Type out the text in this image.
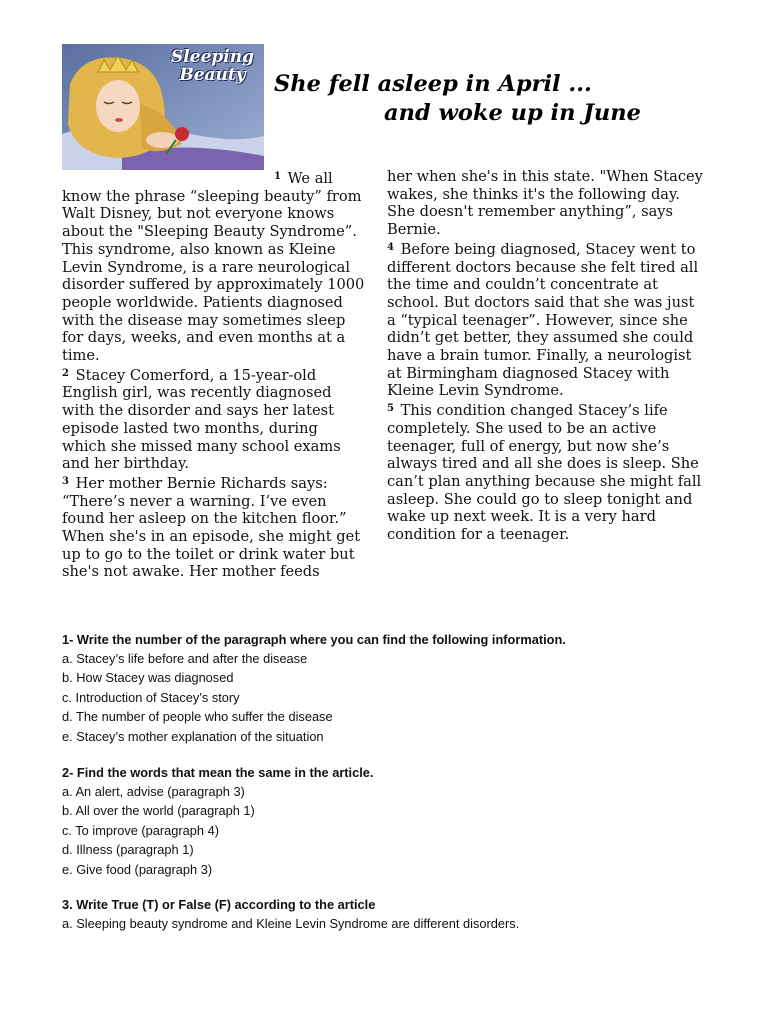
Sleeping
Beauty	She fell asleep in April ...
and woke up in June

$^1$ We all know the phrase “sleeping beauty” from Walt Disney, but not everyone knows about the "Sleeping Beauty Syndrome”. This syndrome, also known as Kleine Levin Syndrome, is a rare neurological disorder suffered by approximately 1000 people worldwide. Patients diagnosed with the disease may sometimes sleep for days, weeks, and even months at a time.

$^2$ Stacey Comerford, a 15-year-old English girl, was recently diagnosed with the disorder and says her latest episode lasted two months, during which she missed many school exams and her birthday.

$^3$ Her mother Bernie Richards says: “There’s never a warning. I’ve even found her asleep on the kitchen floor.” When she's in an episode, she might get up to go to the toilet or drink water but she's not awake. Her mother feeds

her when she's in this state. "When Stacey wakes, she thinks it's the following day. She doesn't remember anything”, says Bernie.

$^4$ Before being diagnosed, Stacey went to different doctors because she felt tired all the time and couldn’t concentrate at school. But doctors said that she was just a “typical teenager”. However, since she didn’t get better, they assumed she could have a brain tumor. Finally, a neurologist at Birmingham diagnosed Stacey with Kleine Levin Syndrome.

$^5$ This condition changed Stacey’s life completely. She used to be an active teenager, full of energy, but now she’s always tired and all she does is sleep. She can’t plan anything because she might fall asleep. She could go to sleep tonight and wake up next week. It is a very hard condition for a teenager.

1- Write the number of the paragraph where you can find the following information.
a. Stacey’s life before and after the disease
b. How Stacey was diagnosed
c. Introduction of Stacey’s story
d. The number of people who suffer the disease
e. Stacey’s mother explanation of the situation
2- Find the words that mean the same in the article.
a. An alert, advise (paragraph 3)
b. All over the world (paragraph 1)
c. To improve (paragraph 4)
d. Illness (paragraph 1)
e. Give food (paragraph 3)
3. Write True (T) or False (F) according to the article
a. Sleeping beauty syndrome and Kleine Levin Syndrome are different disorders.
